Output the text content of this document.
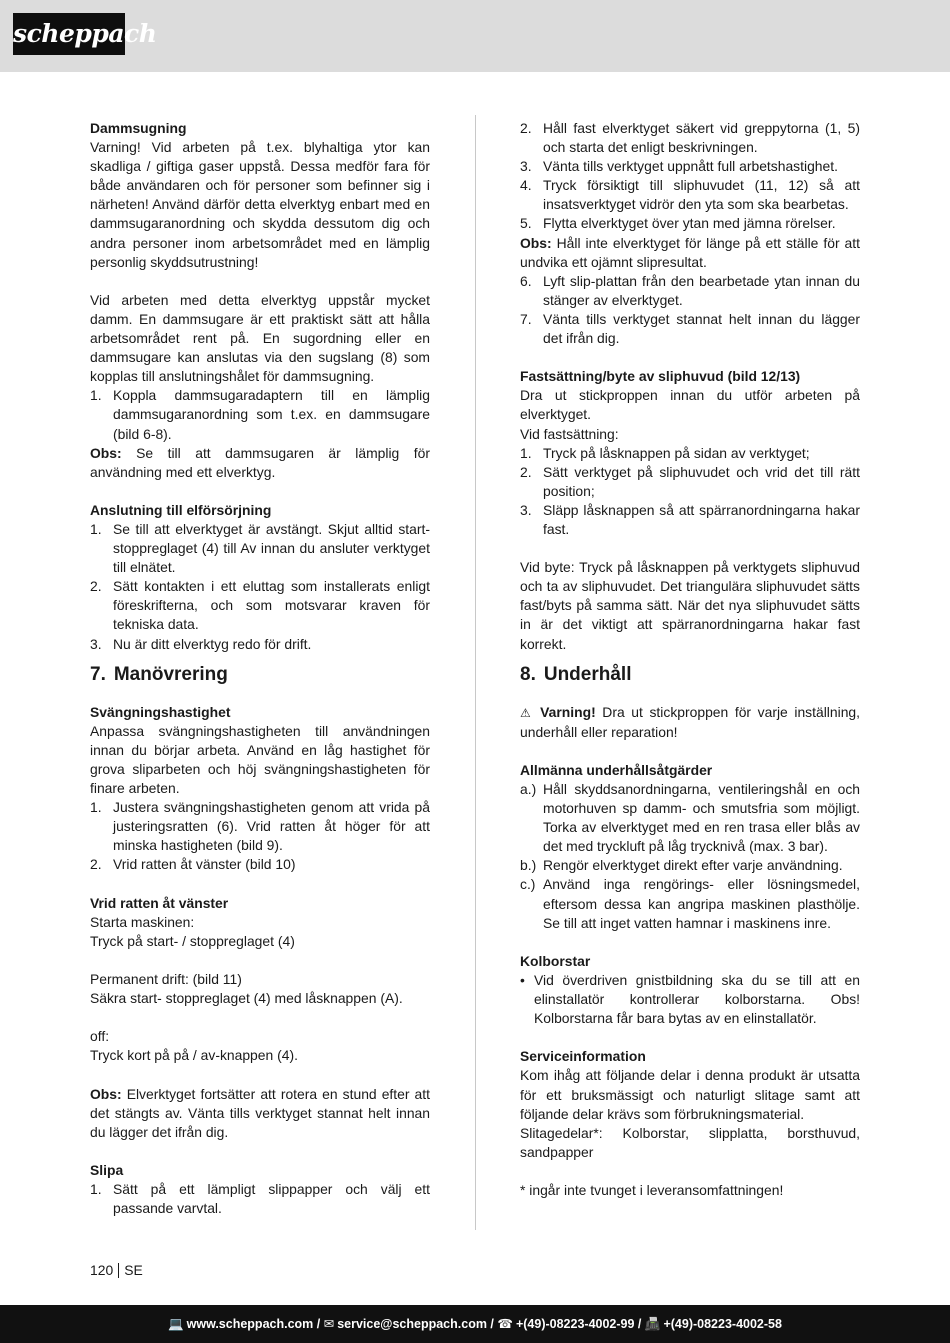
scheppach
Dammsugning
Varning! Vid arbeten på t.ex. blyhaltiga ytor kan skadliga / giftiga gaser uppstå. Dessa medför fara för både användaren och för personer som befinner sig i närheten! Använd därför detta elverktyg enbart med en dammsugaranordning och skydda dessutom dig och andra personer inom arbetsområdet med en lämplig personlig skyddsutrustning!
Vid arbeten med detta elverktyg uppstår mycket damm. En dammsugare är ett praktiskt sätt att hålla arbetsområdet rent på. En sugordning eller en dammsugare kan anslutas via den sugslang (8) som kopplas till anslutningshålet för dammsugning.
1. Koppla dammsugaradaptern till en lämplig dammsugaranordning som t.ex. en dammsugare (bild 6-8).
Obs: Se till att dammsugaren är lämplig för användning med ett elverktyg.
Anslutning till elförsörjning
1. Se till att elverktyget är avstängt. Skjut alltid start-stoppreglaget (4) till Av innan du ansluter verktyget till elnätet.
2. Sätt kontakten i ett eluttag som installerats enligt föreskrifterna, och som motsvarar kraven för tekniska data.
3. Nu är ditt elverktyg redo för drift.
7. Manövrering
Svängningshastighet
Anpassa svängningshastigheten till användningen innan du börjar arbeta. Använd en låg hastighet för grova sliparbeten och höj svängningshastigheten för finare arbeten.
1. Justera svängningshastigheten genom att vrida på justeringsratten (6). Vrid ratten åt höger för att minska hastigheten (bild 9).
2. Vrid ratten åt vänster (bild 10)
Vrid ratten åt vänster
Starta maskinen:
Tryck på start- / stoppreglaget (4)
Permanent drift: (bild 11)
Säkra start- stoppreglaget (4) med låsknappen (A).
off:
Tryck kort på på / av-knappen (4).
Obs: Elverktyget fortsätter att rotera en stund efter att det stängts av. Vänta tills verktyget stannat helt innan du lägger det ifrån dig.
Slipa
1. Sätt på ett lämpligt slippapper och välj ett passande varvtal.
2. Håll fast elverktyget säkert vid greppytorna (1, 5) och starta det enligt beskrivningen.
3. Vänta tills verktyget uppnått full arbetshastighet.
4. Tryck försiktigt till sliphuvudet (11, 12) så att insatsverktyget vidrör den yta som ska bearbetas.
5. Flytta elverktyget över ytan med jämna rörelser.
Obs: Håll inte elverktyget för länge på ett ställe för att undvika ett ojämnt slipresultat.
6. Lyft slip-plattan från den bearbetade ytan innan du stänger av elverktyget.
7. Vänta tills verktyget stannat helt innan du lägger det ifrån dig.
Fastsättning/byte av sliphuvud (bild 12/13)
Dra ut stickproppen innan du utför arbeten på elverktyget.
Vid fastsättning:
1. Tryck på låsknappen på sidan av verktyget;
2. Sätt verktyget på sliphuvudet och vrid det till rätt position;
3. Släpp låsknappen så att spärranordningarna hakar fast.
Vid byte: Tryck på låsknappen på verktygets sliphuvud och ta av sliphuvudet. Det triangulära sliphuvudet sätts fast/byts på samma sätt. När det nya sliphuvudet sätts in är det viktigt att spärranordningarna hakar fast korrekt.
8. Underhåll
⚠ Varning! Dra ut stickproppen för varje inställning, underhåll eller reparation!
Allmänna underhållsåtgärder
a.) Håll skyddsanordningarna, ventileringshål en och motorhuven sp damm- och smutsfria som möjligt. Torka av elverktyget med en ren trasa eller blås av det med tryckluft på låg trycknivå (max. 3 bar).
b.) Rengör elverktyget direkt efter varje användning.
c.) Använd inga rengörings- eller lösningsmedel, eftersom dessa kan angripa maskinen plasthölje. Se till att inget vatten hamnar i maskinens inre.
Kolborstar
• Vid överdriven gnistbildning ska du se till att en elinstallatör kontrollerar kolborstarna. Obs! Kolborstarna får bara bytas av en elinstallatör.
Serviceinformation
Kom ihåg att följande delar i denna produkt är utsatta för ett bruksmässigt och naturligt slitage samt att följande delar krävs som förbrukningsmaterial.
Slitagedelar*: Kolborstar, slipplatta, borsthuvud, sandpapper
* ingår inte tvunget i leveransomfattningen!
120 SE
💻 www.scheppach.com / ✉ service@scheppach.com / ☎ +(49)-08223-4002-99 / 📠 +(49)-08223-4002-58
